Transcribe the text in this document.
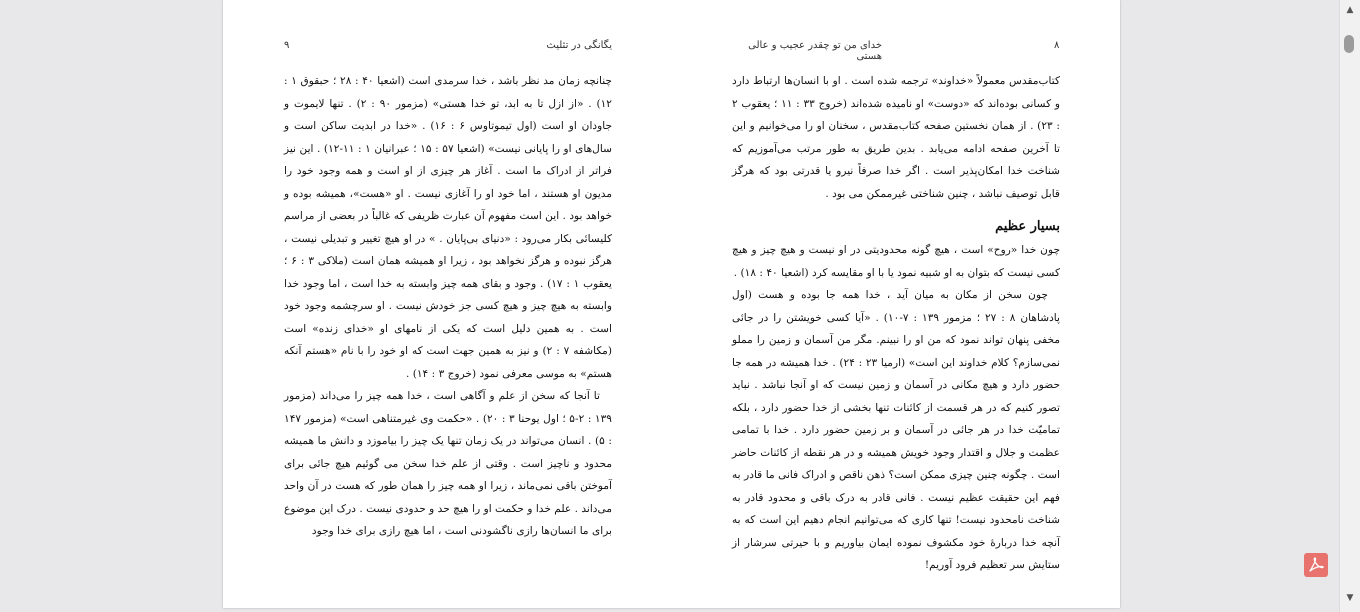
۹	یگانگی در تثلیث

چنانچه زمان مد نظر باشد ، خدا سرمدی است (اشعیا ۴۰ : ۲۸ ؛ حبقوق ۱ : ۱۲) . «از ازل تا به ابد، تو خدا هستی» (مزمور ۹۰ : ۲) . تنها لایموت و جاودان او است (اول تیموتاوس ۶ : ۱۶) . «خدا در ابدیت ساکن است و سال‌های او را پایانی نیست» (اشعیا ۵۷ : ۱۵ ؛ عبرانیان ۱ : ۱۱-۱۲) . این نیز فراتر از ادراک ما است . آغاز هر چیزی از او است و همه وجود خود را مدیون او هستند ، اما خود او را آغازی نیست . او «هست»، همیشه بوده و خواهد بود . این است مفهوم آن عبارت ظریفی که غالباً در بعضی از مراسم کلیسائی بکار می‌رود : «دنیای بی‌پایان . » در او هیچ تغییر و تبدیلی نیست ، هرگز نبوده و هرگز نخواهد بود ، زیرا او همیشه همان است (ملاکی ۳ : ۶ ؛ یعقوب ۱ : ۱۷) . وجود و بقای همه چیز وابسته به خدا است ، اما وجود خدا وابسته به هیچ چیز و هیچ کسی جز خودش نیست . او سرچشمه وجود خود است . به همین دلیل است که یکی از نامهای او «خدای زنده» است (مکاشفه ۷ : ۲) و نیز به همین جهت است که او خود را با نام «هستم آنکه هستم» به موسی معرفی نمود (خروج ۳ : ۱۴) .

تا آنجا که سخن از علم و آگاهی است ، خدا همه چیز را می‌داند (مزمور ۱۳۹ : ۲-۵ ؛ اول یوحنا ۳ : ۲۰) . «حکمت وی غیرمتناهی است» (مزمور ۱۴۷ : ۵) . انسان می‌تواند در یک زمان تنها یک چیز را بیاموزد و دانش ما همیشه محدود و ناچیز است . وقتی از علم خدا سخن می گوئیم هیچ جائی برای آموختن باقی نمی‌ماند ، زیرا او همه چیز را همان طور که هست در آن واحد می‌داند . علم خدا و حکمت او را هیچ حد و حدودی نیست . درک این موضوع برای ما انسان‌ها رازی ناگشودنی است ، اما هیچ رازی برای خدا وجود

خدای من تو چقدر عجیب و عالی هستی
۸

کتاب‌مقدس معمولاً «خداوند» ترجمه شده است . او با انسان‌ها ارتباط دارد و کسانی بوده‌اند که «دوست» او نامیده شده‌اند (خروج ۳۳ : ۱۱ ؛ یعقوب ۲ : ۲۳) . از همان نخستین صفحه کتاب‌مقدس ، سخنان او را می‌خوانیم و این تا آخرین صفحه ادامه می‌یابد . بدین طریق به طور مرتب می‌آموزیم که شناخت خدا امکان‌پذیر است . اگر خدا صرفاً نیرو یا قدرتی بود که هرگز قابل توصیف نباشد ، چنین شناختی غیرممکن می بود .

بسیار عظیم

چون خدا «روح» است ، هیچ گونه محدودیتی در او نیست و هیچ چیز و هیچ کسی نیست که بتوان به او شبیه نمود یا با او مقایسه کرد (اشعیا ۴۰ : ۱۸) .

چون سخن از مکان به میان آید ، خدا همه جا بوده و هست (اول پادشاهان ۸ : ۲۷ ؛ مزمور ۱۳۹ : ۷-۱۰) . «آیا کسی خویشتن را در جائی مخفی پنهان تواند نمود که من او را نبینم. مگر من آسمان و زمین را مملو نمی‌سازم؟ کلام خداوند این است» (ارمیا ۲۳ : ۲۴) . خدا همیشه در همه جا حضور دارد و هیچ مکانی در آسمان و زمین نیست که او آنجا نباشد . نباید تصور کنیم که در هر قسمت از کائنات تنها بخشی از خدا حضور دارد ، بلکه تمامیّت خدا در هر جائی در آسمان و بر زمین حضور دارد . خدا با تمامی عظمت و جلال و اقتدار وجود خویش همیشه و در هر نقطه از کائنات حاضر است . چگونه چنین چیزی ممکن است؟ ذهن ناقص و ادراک فانی ما قادر به فهم این حقیقت عظیم نیست . فانی قادر به درک باقی و محدود قادر به شناخت نامحدود نیست! تنها کاری که می‌توانیم انجام دهیم این است که به آنچه خدا دربارهٔ خود مکشوف نموده ایمان بیاوریم و با حیرتی سرشار از ستایش سر تعظیم فرود آوریم!

▲
▼
